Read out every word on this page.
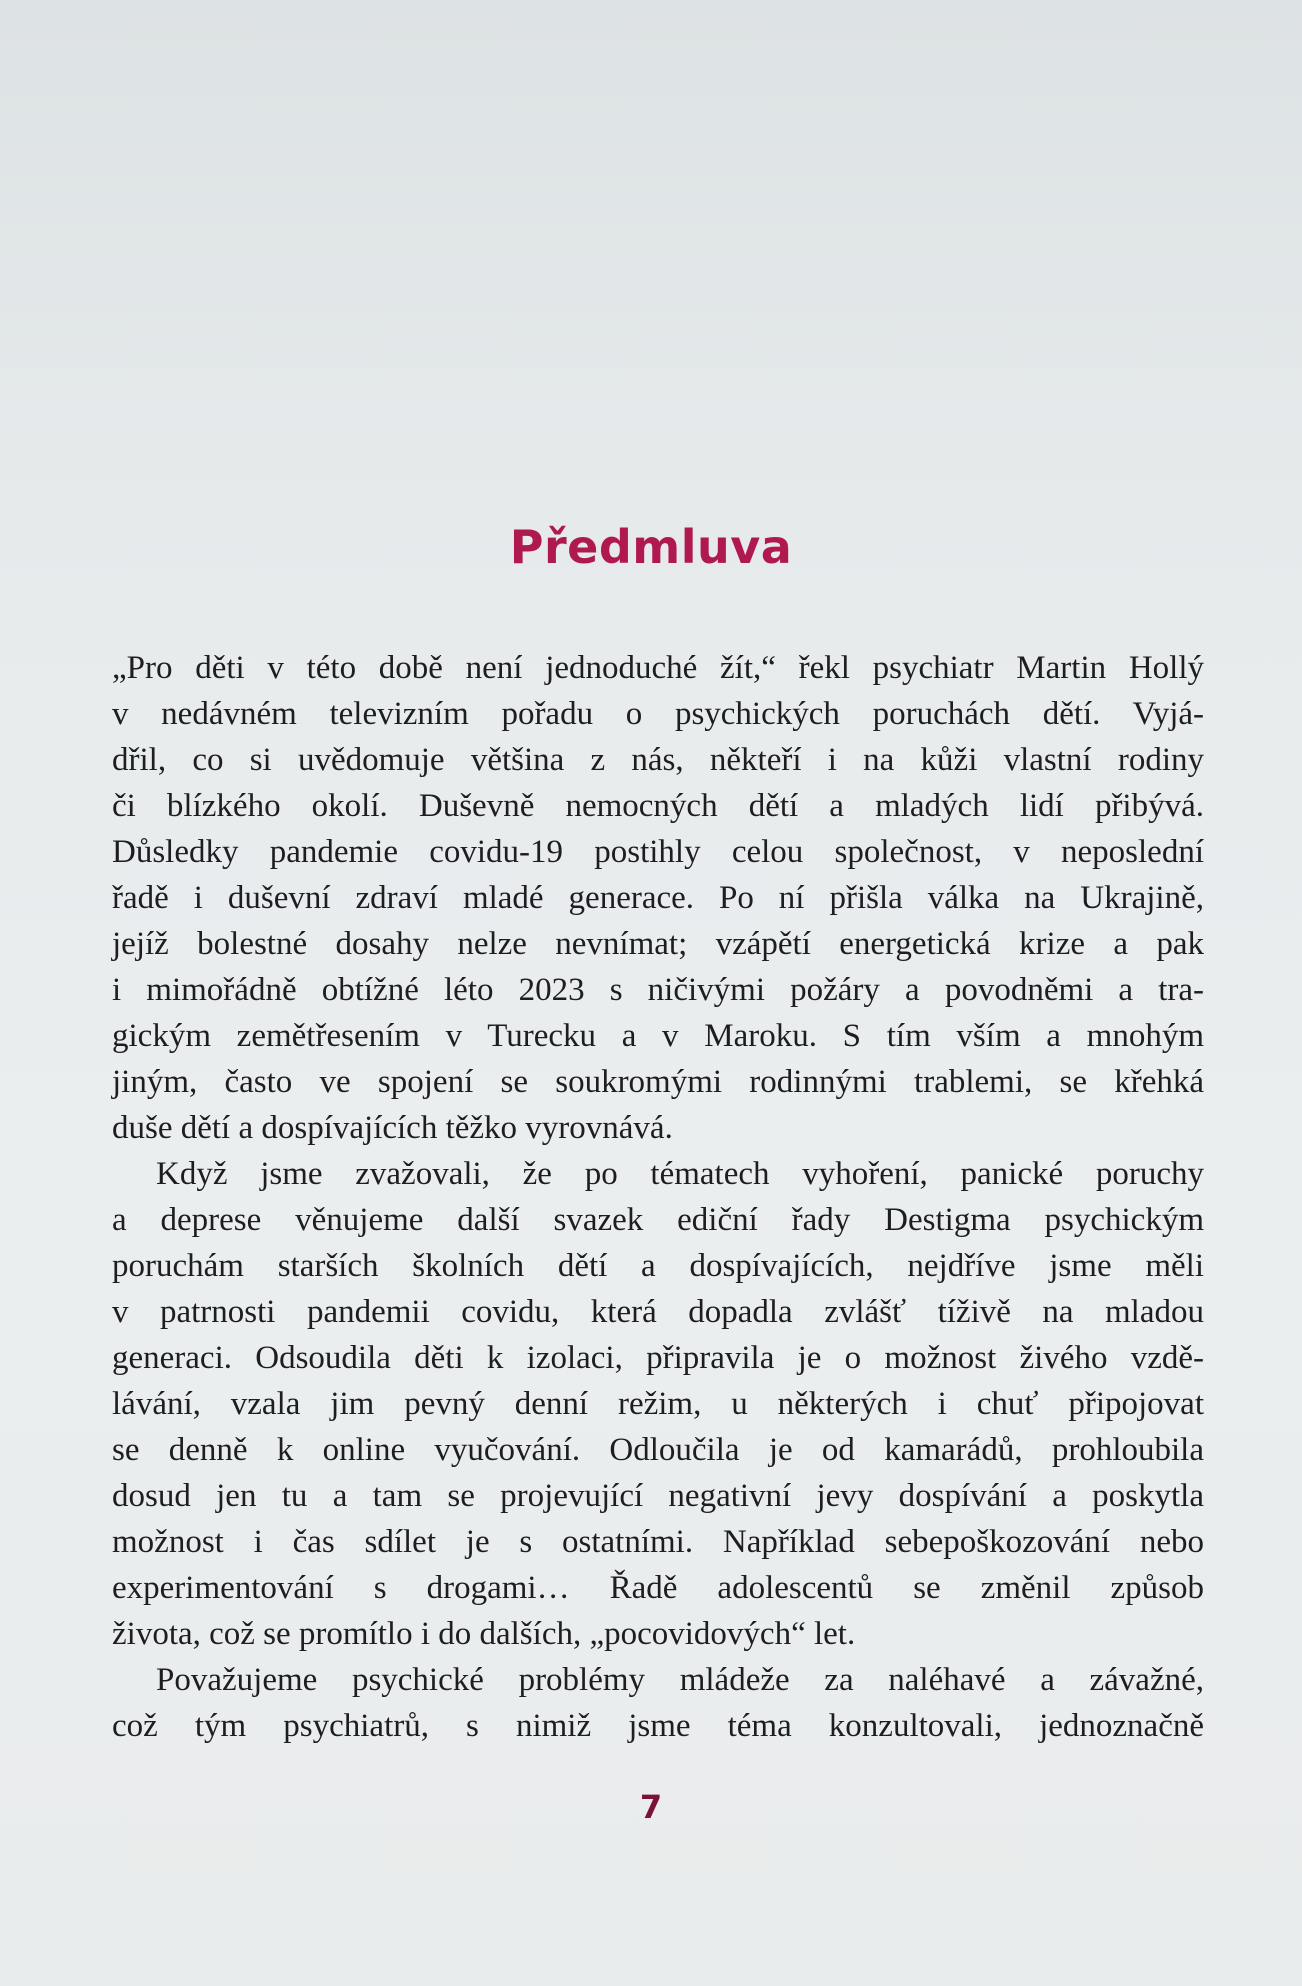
Předmluva
„Pro děti v této době není jednoduché žít,“ řekl psychiatr Martin Hollý
v nedávném televizním pořadu o psychických poruchách dětí. Vyjá-
dřil, co si uvědomuje většina z nás, někteří i na kůži vlastní rodiny
či blízkého okolí. Duševně nemocných dětí a mladých lidí přibývá.
Důsledky pandemie covidu-19 postihly celou společnost, v neposlední
řadě i duševní zdraví mladé generace. Po ní přišla válka na Ukrajině,
jejíž bolestné dosahy nelze nevnímat; vzápětí energetická krize a pak
i mimořádně obtížné léto 2023 s ničivými požáry a povodněmi a tra-
gickým zemětřesením v Turecku a v Maroku. S tím vším a mnohým
jiným, často ve spojení se soukromými rodinnými trablemi, se křehká
duše dětí a dospívajících těžko vyrovnává.
Když jsme zvažovali, že po tématech vyhoření, panické poruchy
a deprese věnujeme další svazek ediční řady Destigma psychickým
poruchám starších školních dětí a dospívajících, nejdříve jsme měli
v patrnosti pandemii covidu, která dopadla zvlášť tíživě na mladou
generaci. Odsoudila děti k izolaci, připravila je o možnost živého vzdě-
lávání, vzala jim pevný denní režim, u některých i chuť připojovat
se denně k online vyučování. Odloučila je od kamarádů, prohloubila
dosud jen tu a tam se projevující negativní jevy dospívání a poskytla
možnost i čas sdílet je s ostatními. Například sebepoškozování nebo
experimentování s drogami… Řadě adolescentů se změnil způsob
života, což se promítlo i do dalších, „pocovidových“ let.
Považujeme psychické problémy mládeže za naléhavé a závažné,
což tým psychiatrů, s nimiž jsme téma konzultovali, jednoznačně
7
